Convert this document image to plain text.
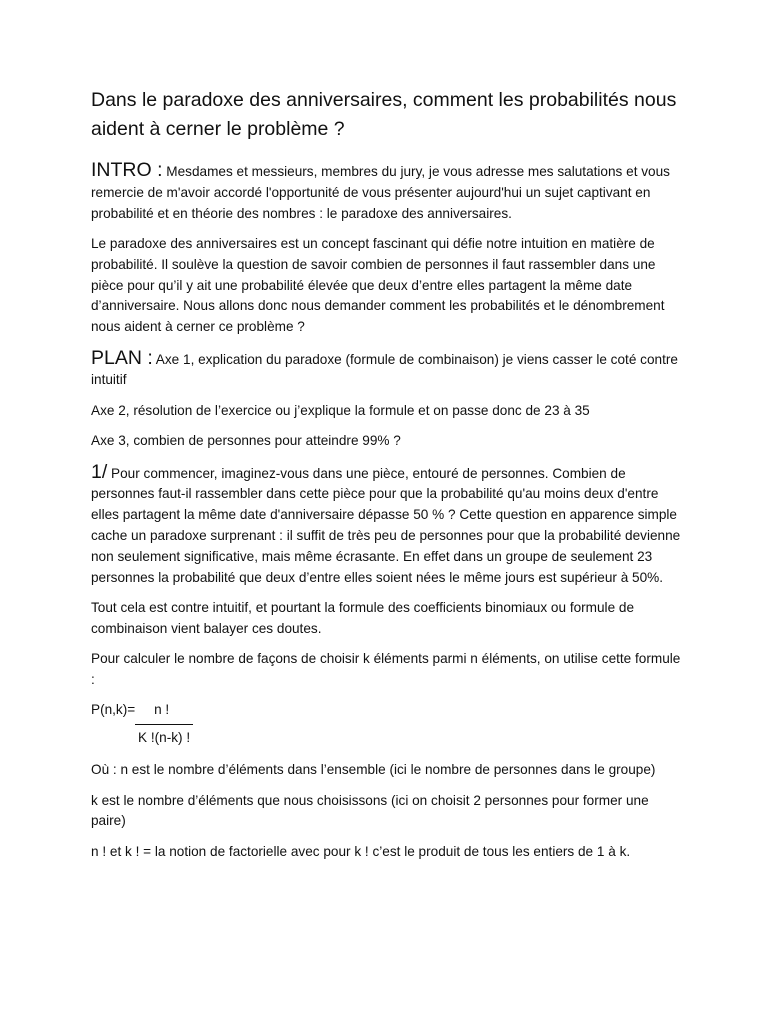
Dans le paradoxe des anniversaires, comment les probabilités nous aident à cerner le problème ?

INTRO : Mesdames et messieurs, membres du jury, je vous adresse mes salutations et vous remercie de m'avoir accordé l'opportunité de vous présenter aujourd'hui un sujet captivant en probabilité et en théorie des nombres : le paradoxe des anniversaires.

Le paradoxe des anniversaires est un concept fascinant qui défie notre intuition en matière de probabilité. Il soulève la question de savoir combien de personnes il faut rassembler dans une pièce pour qu’il y ait une probabilité élevée que deux d’entre elles partagent la même date d’anniversaire. Nous allons donc nous demander comment les probabilités et le dénombrement nous aident à cerner ce problème ?

PLAN : Axe 1, explication du paradoxe (formule de combinaison) je viens casser le coté contre intuitif

Axe 2, résolution de l’exercice ou j’explique la formule et on passe donc de 23 à 35

Axe 3, combien de personnes pour atteindre 99% ?

1/ Pour commencer, imaginez-vous dans une pièce, entouré de personnes. Combien de personnes faut-il rassembler dans cette pièce pour que la probabilité qu'au moins deux d'entre elles partagent la même date d'anniversaire dépasse 50 % ? Cette question en apparence simple cache un paradoxe surprenant : il suffit de très peu de personnes pour que la probabilité devienne non seulement significative, mais même écrasante. En effet dans un groupe de seulement 23 personnes la probabilité que deux d’entre elles soient nées le même jours est supérieur à 50%.

Tout cela est contre intuitif, et pourtant la formule des coefficients binomiaux ou formule de combinaison vient balayer ces doutes.

Pour calculer le nombre de façons de choisir k éléments parmi n éléments, on utilise cette formule :

P(n,k)=     n !
K !(n-k) !

Où : n est le nombre d’éléments dans l’ensemble (ici le nombre de personnes dans le groupe)

k est le nombre d’éléments que nous choisissons (ici on choisit 2 personnes pour former une paire)

n ! et k ! = la notion de factorielle avec pour k ! c’est le produit de tous les entiers de 1 à k.
